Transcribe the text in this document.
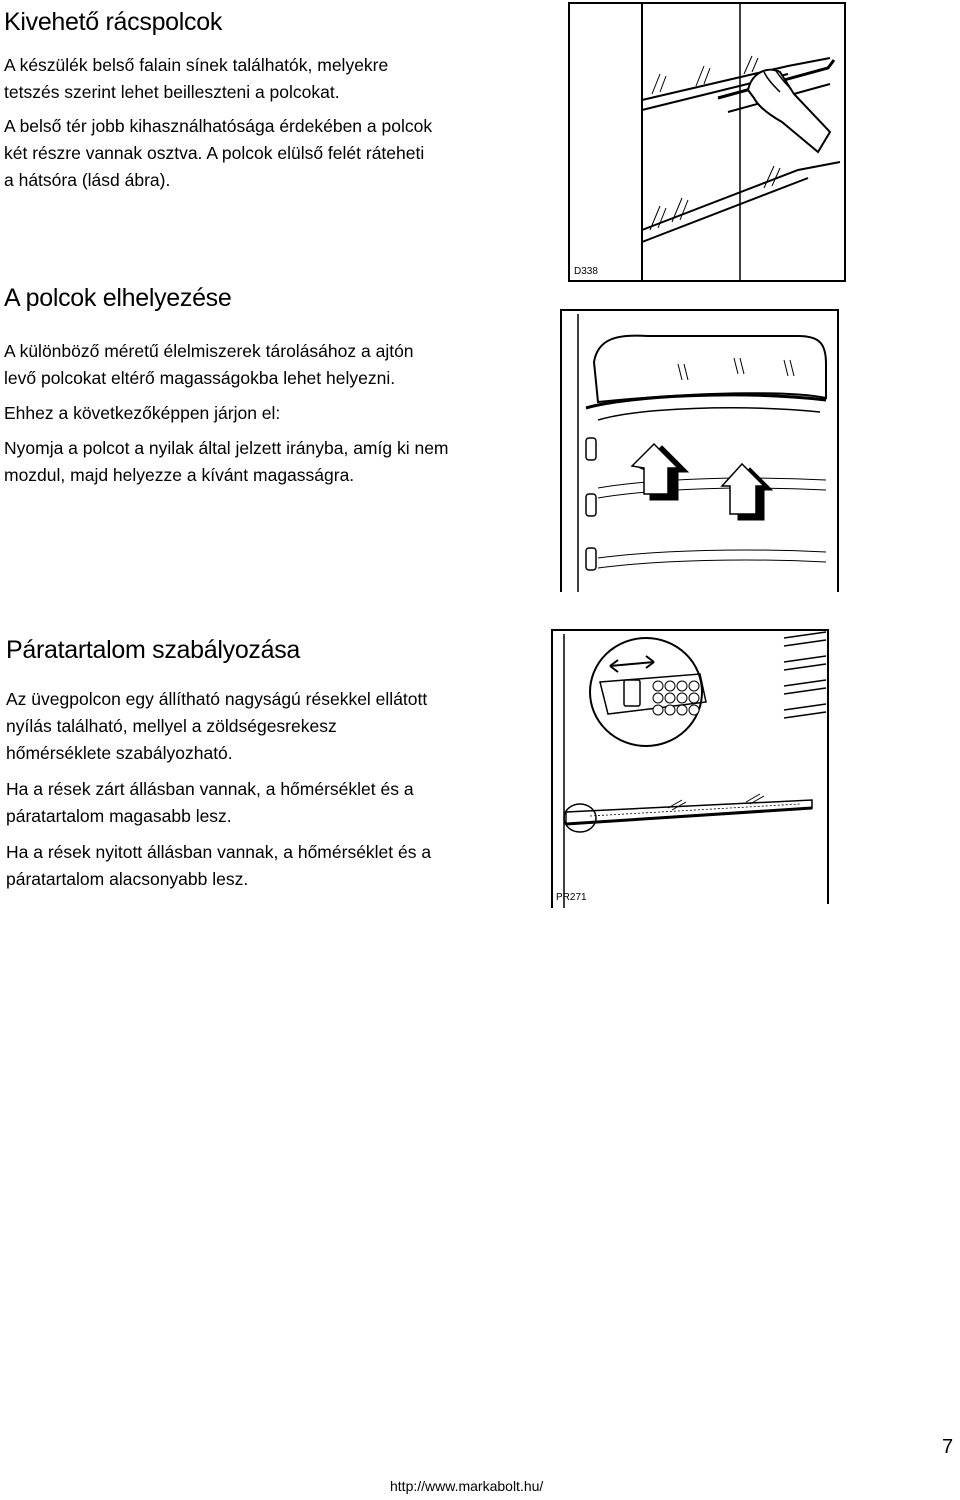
Kivehető rácspolcok

A készülék belső falain sínek találhatók, melyekre tetszés szerint lehet beilleszteni a polcokat.

A belső tér jobb kihasználhatósága érdekében a polcok két részre vannak osztva. A polcok elülső felét ráteheti a hátsóra (lásd ábra).

D338
A polcok elhelyezése

A különböző méretű élelmiszerek tárolásához a ajtón levő polcokat eltérő magasságokba lehet helyezni.

Ehhez a következőképpen járjon el:

Nyomja a polcot a nyilak által jelzett irányba, amíg ki nem mozdul, majd helyezze a kívánt magasságra.

Páratartalom szabályozása

Az üvegpolcon egy állítható nagyságú résekkel ellátott nyílás található, mellyel a zöldségesrekesz hőmérséklete szabályozható.

Ha a rések zárt állásban vannak, a hőmérséklet és a páratartalom magasabb lesz.

Ha a rések nyitott állásban vannak, a hőmérséklet és a páratartalom alacsonyabb lesz.

PR271
7
http://www.markabolt.hu/
